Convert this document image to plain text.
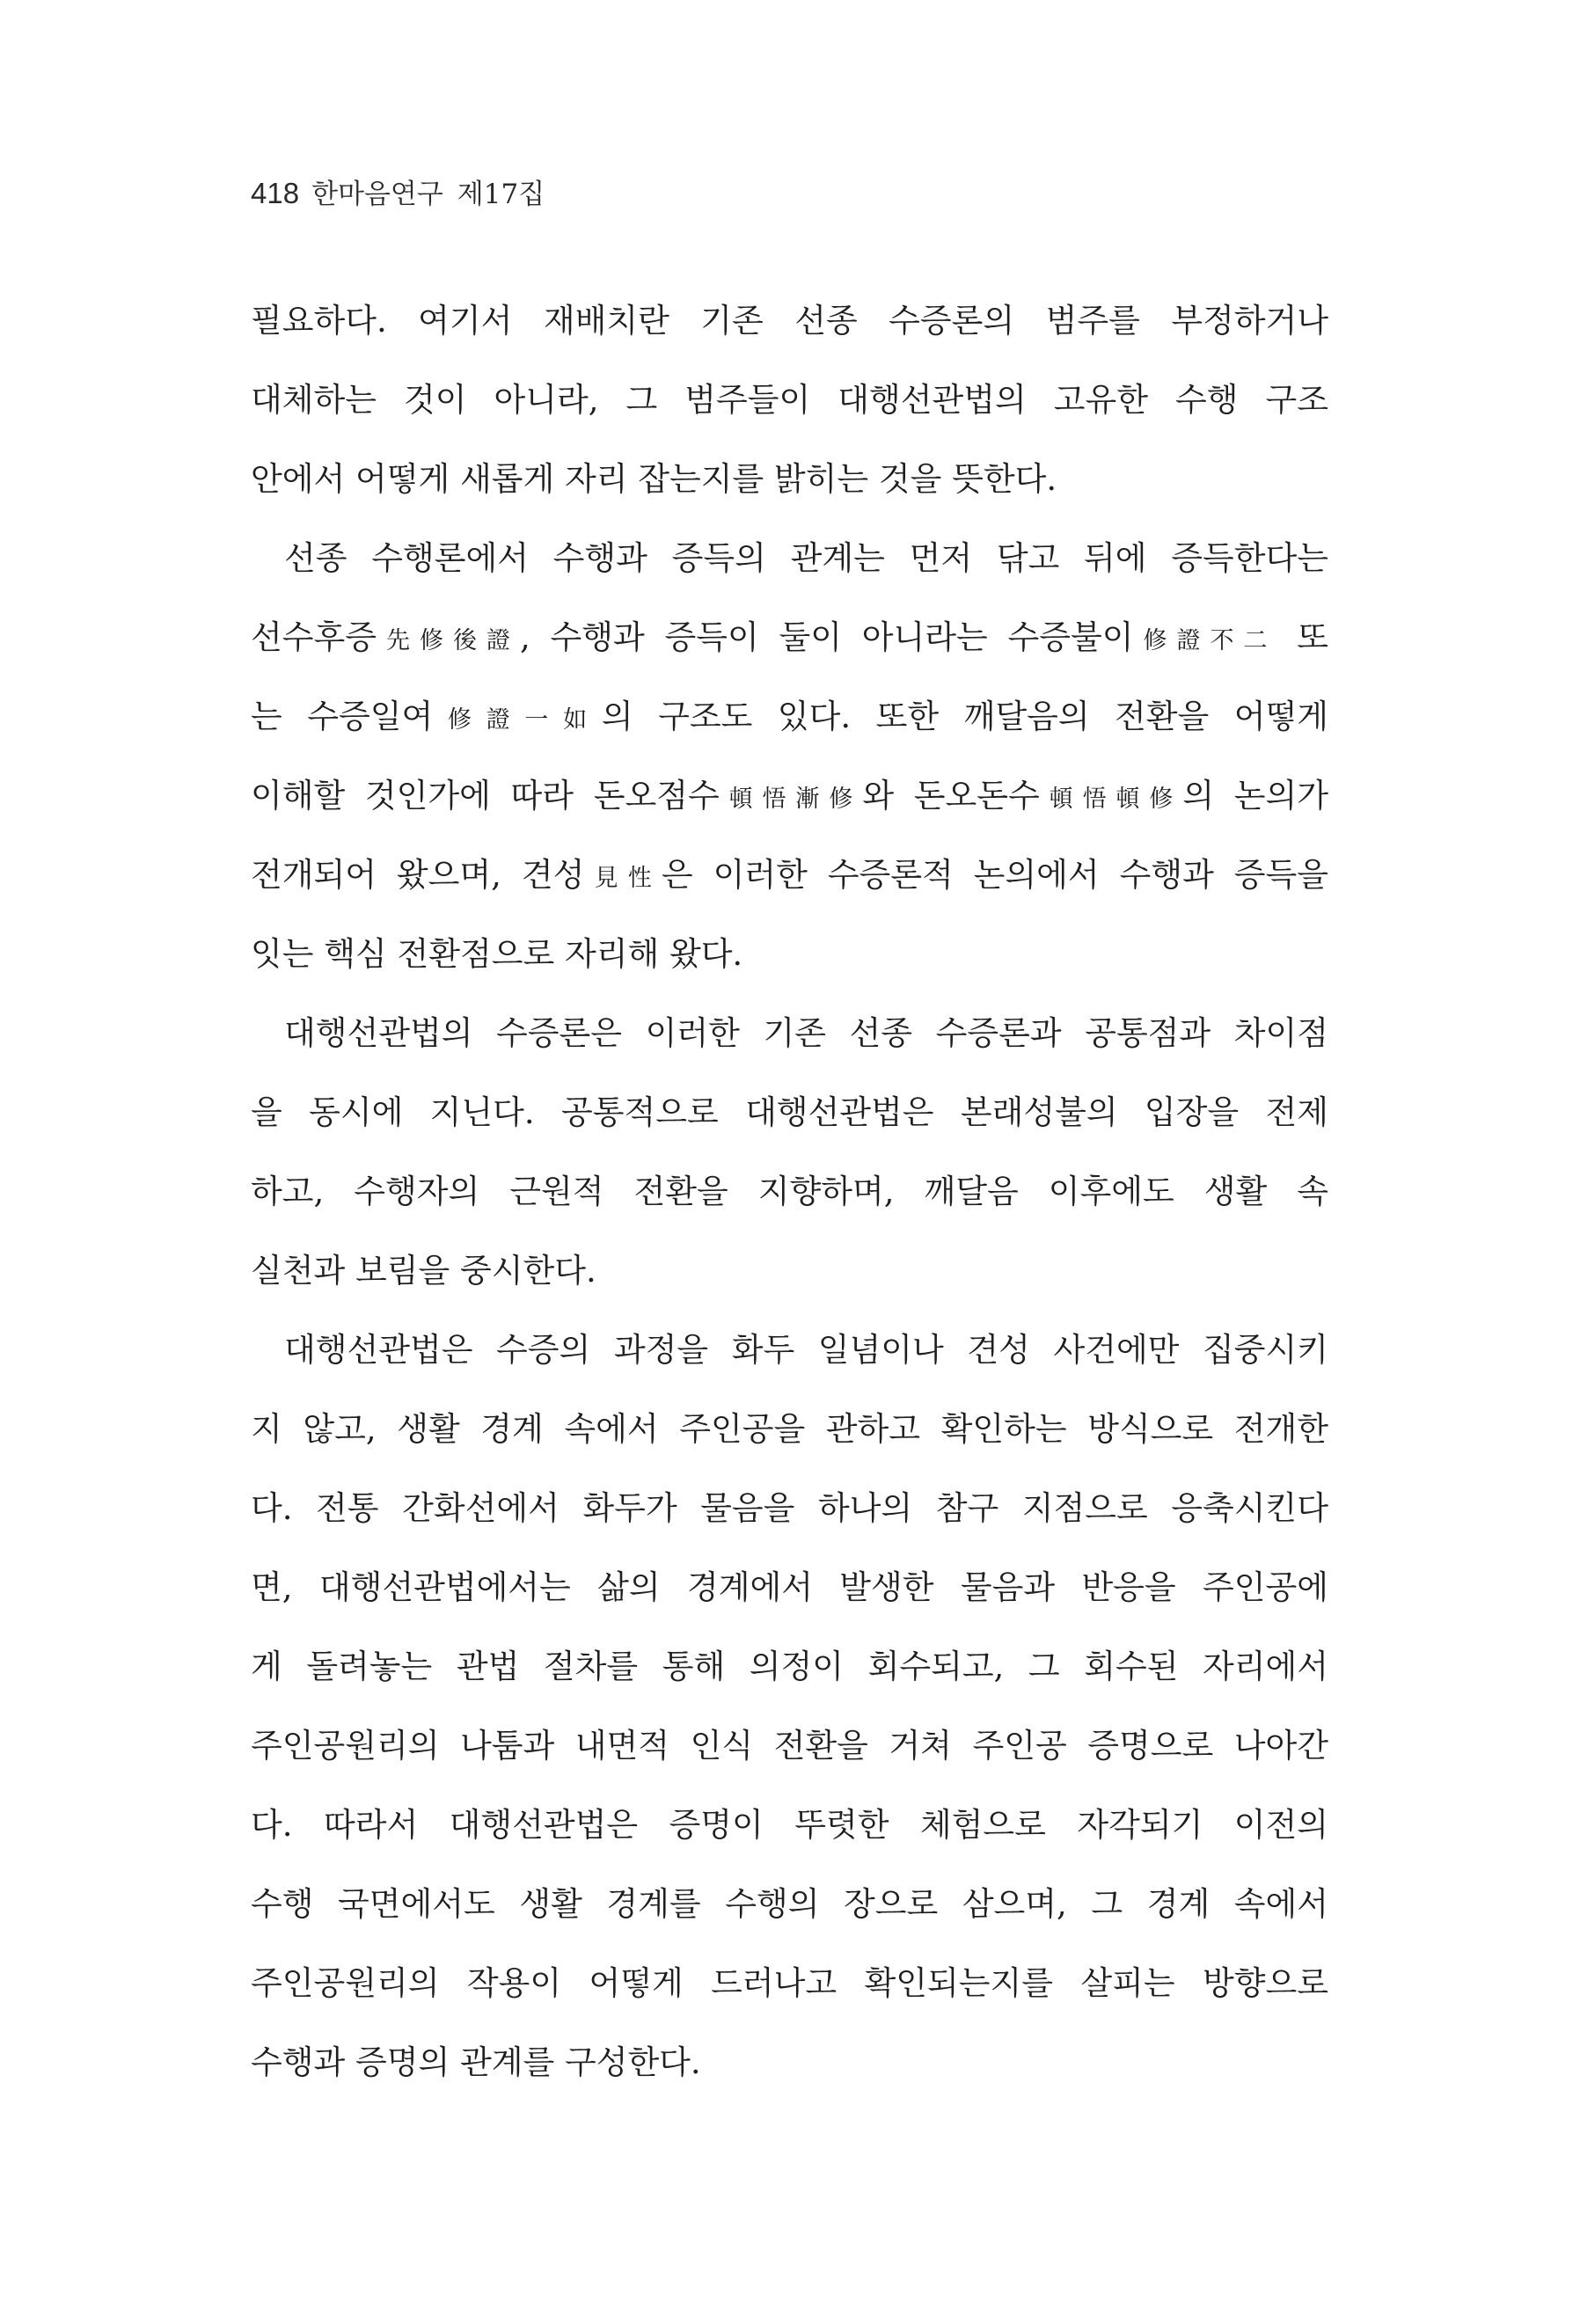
418 한마음연구 제17집
필요하다. 여기서 재배치란 기존 선종 수증론의 범주를 부정하거나
대체하는 것이 아니라, 그 범주들이 대행선관법의 고유한 수행 구조
안에서 어떻게 새롭게 자리 잡는지를 밝히는 것을 뜻한다.
선종 수행론에서 수행과 증득의 관계는 먼저 닦고 뒤에 증득한다는
선수후증先修後證, 수행과 증득이 둘이 아니라는 수증불이修證不二 또
는 수증일여修證一如의 구조도 있다. 또한 깨달음의 전환을 어떻게
이해할 것인가에 따라 돈오점수頓悟漸修와 돈오돈수頓悟頓修의 논의가
전개되어 왔으며, 견성見性은 이러한 수증론적 논의에서 수행과 증득을
잇는 핵심 전환점으로 자리해 왔다.
대행선관법의 수증론은 이러한 기존 선종 수증론과 공통점과 차이점
을 동시에 지닌다. 공통적으로 대행선관법은 본래성불의 입장을 전제
하고, 수행자의 근원적 전환을 지향하며, 깨달음 이후에도 생활 속
실천과 보림을 중시한다.
대행선관법은 수증의 과정을 화두 일념이나 견성 사건에만 집중시키
지 않고, 생활 경계 속에서 주인공을 관하고 확인하는 방식으로 전개한
다. 전통 간화선에서 화두가 물음을 하나의 참구 지점으로 응축시킨다
면, 대행선관법에서는 삶의 경계에서 발생한 물음과 반응을 주인공에
게 돌려놓는 관법 절차를 통해 의정이 회수되고, 그 회수된 자리에서
주인공원리의 나툼과 내면적 인식 전환을 거쳐 주인공 증명으로 나아간
다. 따라서 대행선관법은 증명이 뚜렷한 체험으로 자각되기 이전의
수행 국면에서도 생활 경계를 수행의 장으로 삼으며, 그 경계 속에서
주인공원리의 작용이 어떻게 드러나고 확인되는지를 살피는 방향으로
수행과 증명의 관계를 구성한다.
